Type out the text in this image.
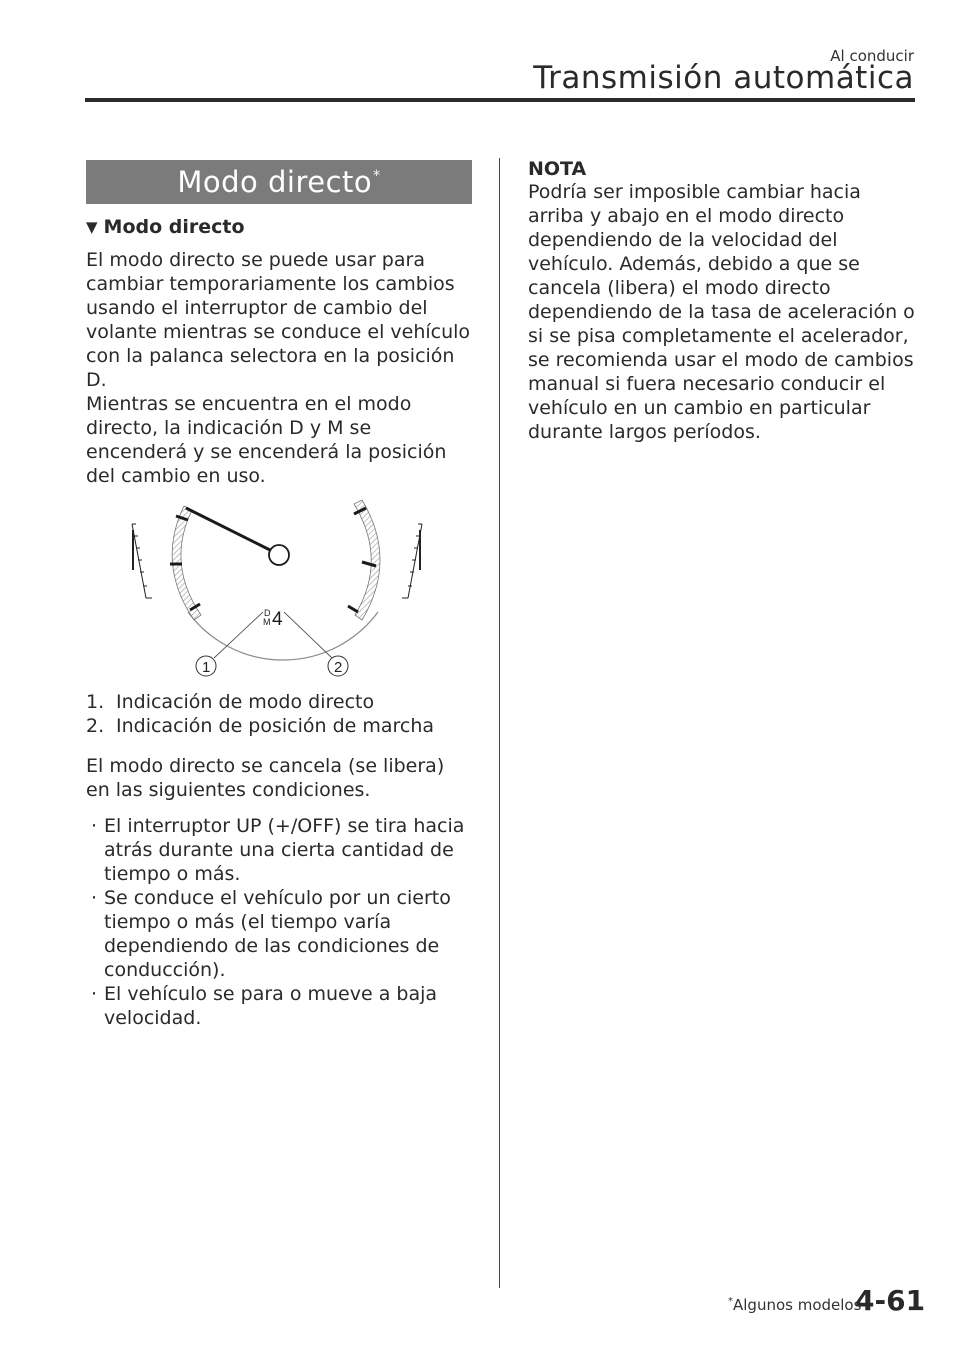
Al conducir
Transmisión automática
Modo directo*
▼ Modo directo

El modo directo se puede usar para cambiar temporariamente los cambios usando el interruptor de cambio del volante mientras se conduce el vehículo con la palanca selectora en la posición D.

Mientras se encuentra en el modo directo, la indicación D y M se encenderá y se encenderá la posición del cambio en uso.

D
M 4
1	2
1. Indicación de modo directo
2. Indicación de posición de marcha

El modo directo se cancela (se libera) en las siguientes condiciones.

· El interruptor UP (+/OFF) se tira hacia atrás durante una cierta cantidad de tiempo o más.
· Se conduce el vehículo por un cierto tiempo o más (el tiempo varía dependiendo de las condiciones de conducción).
· El vehículo se para o mueve a baja velocidad.
NOTA

Podría ser imposible cambiar hacia arriba y abajo en el modo directo dependiendo de la velocidad del vehículo. Además, debido a que se cancela (libera) el modo directo dependiendo de la tasa de aceleración o si se pisa completamente el acelerador, se recomienda usar el modo de cambios manual si fuera necesario conducir el vehículo en un cambio en particular durante largos períodos.

*Algunos modelos
4-61
